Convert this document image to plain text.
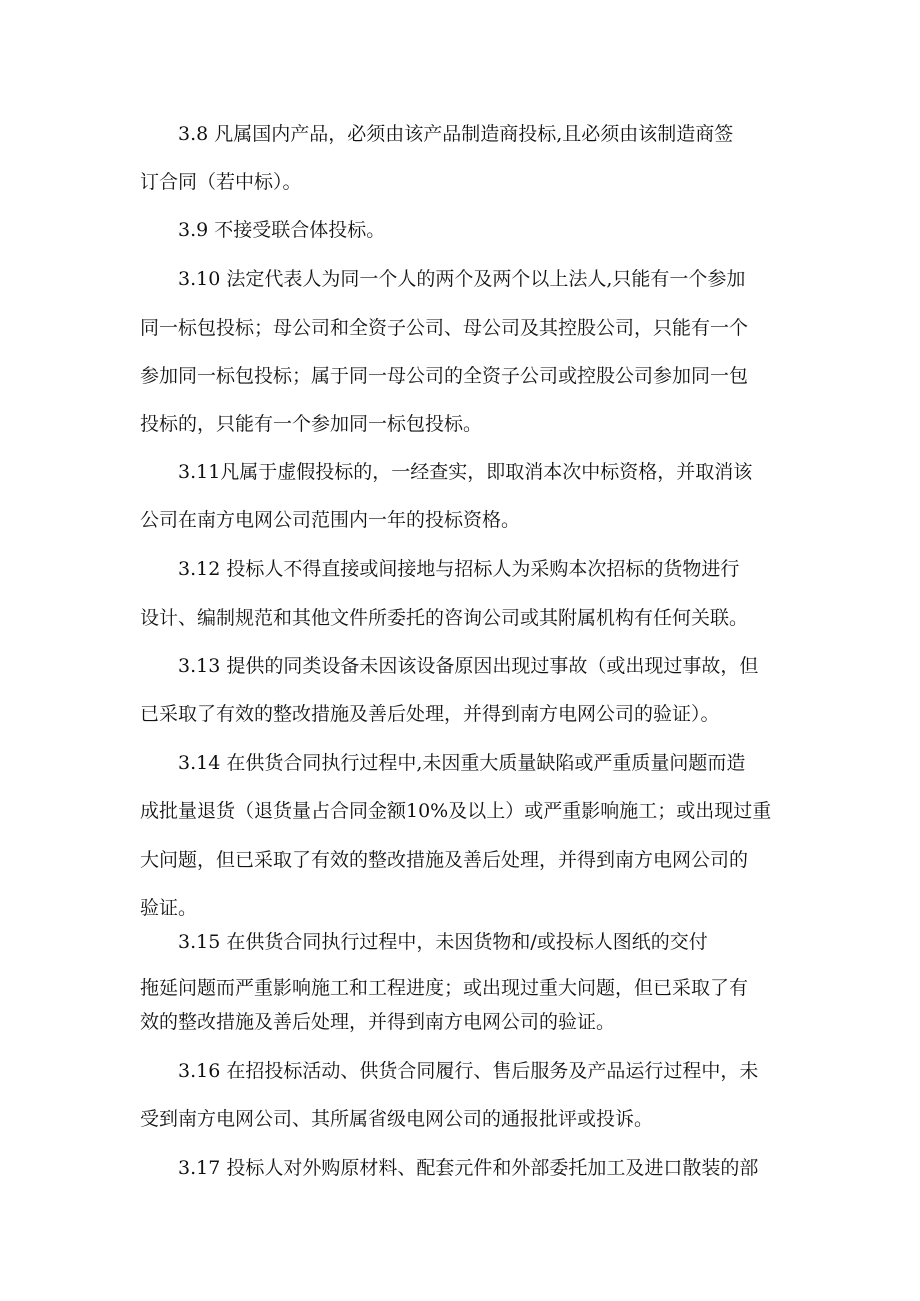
3.8 凡属国内产品，必须由该产品制造商投标,且必须由该制造商签
订合同（若中标）。
3.9 不接受联合体投标。
3.10 法定代表人为同一个人的两个及两个以上法人,只能有一个参加
同一标包投标；母公司和全资子公司、母公司及其控股公司，只能有一个
参加同一标包投标；属于同一母公司的全资子公司或控股公司参加同一包
投标的，只能有一个参加同一标包投标。
3.11凡属于虚假投标的，一经查实，即取消本次中标资格，并取消该
公司在南方电网公司范围内一年的投标资格。
3.12 投标人不得直接或间接地与招标人为采购本次招标的货物进行
设计、编制规范和其他文件所委托的咨询公司或其附属机构有任何关联。
3.13 提供的同类设备未因该设备原因出现过事故（或出现过事故，但
已采取了有效的整改措施及善后处理，并得到南方电网公司的验证）。
3.14 在供货合同执行过程中,未因重大质量缺陷或严重质量问题而造
成批量退货（退货量占合同金额10%及以上）或严重影响施工；或出现过重
大问题，但已采取了有效的整改措施及善后处理，并得到南方电网公司的
验证。
3.15 在供货合同执行过程中，未因货物和/或投标人图纸的交付
拖延问题而严重影响施工和工程进度；或出现过重大问题，但已采取了有
效的整改措施及善后处理，并得到南方电网公司的验证。
3.16 在招投标活动、供货合同履行、售后服务及产品运行过程中，未
受到南方电网公司、其所属省级电网公司的通报批评或投诉。
3.17 投标人对外购原材料、配套元件和外部委托加工及进口散装的部
